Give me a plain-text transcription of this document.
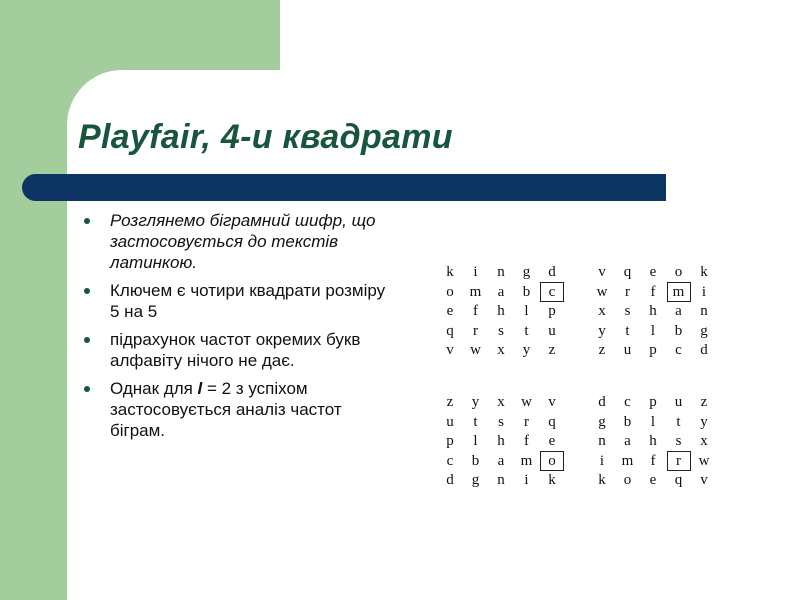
Playfair, 4-и квадрати
Розглянемо біграмний шифр, що застосовується до текстів латинкою.
Ключем є чотири квадрати розміру 5 на 5
підрахунок частот окремих букв алфавіту нічого не дає.
Однак для l = 2 з успіхом застосовується аналіз частот біграм.
k	i	n	g	d
o	m	a	b	c
e	f	h	l	p
q	r	s	t	u
v	w	x	y	z
v	q	e	o	k
w	r	f	m	i
x	s	h	a	n
y	t	l	b	g
z	u	p	c	d
z	y	x	w	v
u	t	s	r	q
p	l	h	f	e
c	b	a	m	o
d	g	n	i	k
d	c	p	u	z
g	b	l	t	y
n	a	h	s	x
i	m	f	r	w
k	o	e	q	v
